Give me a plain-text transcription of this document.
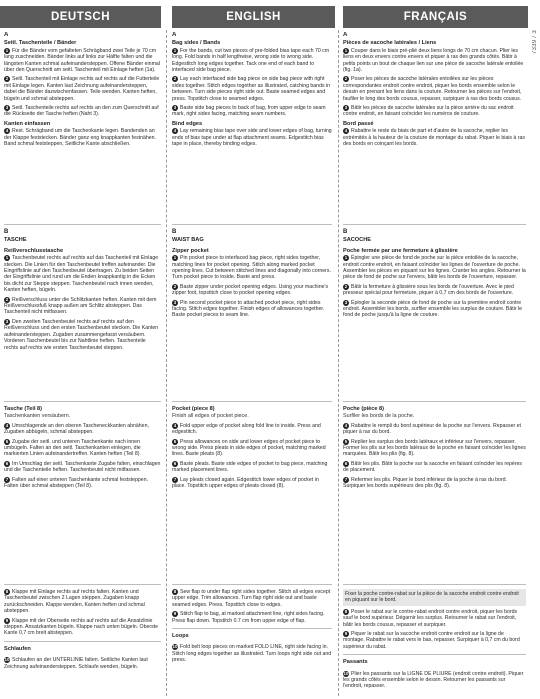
DEUTSCH	ENGLISH	FRANÇAIS
7339 / 3
A
Seitl. Taschenteile / Bänder
1 Für die Bänder vom gefalteten Schrägband zwei Teile je 70 cm lang zuschneiden. Bänder links auf links zur Hälfte falten und die längsten Kanten schmal aufeinandersteppen. Offene Bänder einmal über den Querschnitt am seitl. Taschenteil mit Einlage heften (1a).
2 Seitl. Taschenteil mit Einlage rechts auf rechts auf die Futterteile mit Einlage legen. Kanten laut Zeichnung aufeinandersteppen, dabei die Bänder dazwischenfassen. Teile wenden. Kanten heften, bügeln und schmal absteppen.
3 Seitl. Taschenteile rechts auf rechts an den zum Querschnitt auf die Rückseite der Tasche heften (Naht 3).
Kanten einfassen
4 Rest. Schrägband um die Taschenkante legen. Bandenden an der Klappe feststecken. Bänder ganz eng knappkanten festnähen. Band schmal feststeppen, Seitliche Kante abschließen.
B
TASCHE
Reißverschlusstasche
1 Taschenbeutel rechts auf rechts auf das Taschenteil mit Einlage stecken. Die Linien für den Taschenbeutel treffen aufeinander. Die Eingriffslinie auf den Taschenbeutel übertragen. Zu beiden Seiten der Eingriffslinie und rund um die Enden knappkantig in die Ecken bis dicht zur Steppe steppen. Taschenbeutel nach innen wenden, Kanten heften, bügeln.
2 Reißverschluss unter die Schlitzkanten heften. Kanten mit dem Reißverschlussfuß knapp außen am Schlitz absteppen. Das Taschenteil nicht mitfassen.
3 Den zweiten Taschenbeutel rechts auf rechts auf den Reißverschluss und den ersten Taschenbeutel stecken. Die Kanten aufeinandersteppen. Zugaben zusammengefasst versäubern. Vorderen Taschenbeutel bis zur Nahtlinie heften. Taschenteile rechts auf rechts wie ersten Taschenbeutel steppen.
Tasche (Teil 8)
Taschenkanten versäubern.
4 Umschlagende an den oberen Tascheneckkanten abnähen, Zugaben abbügeln, schmal absteppen.
5 Zugabe der seitl. und unteren Taschenkante nach innen umbügeln. Falten an den seitl. Taschenkanten einlegen, die markierten Linien aufeinandertreffen. Kanten heften (Teil 8).
6 Im Umschlag der seitl. Taschenkante Zugabe falten, einschlagen und die Taschenteile heften. Taschenbeutel nicht mitfassen.
7 Falten auf einer unteren Taschenkante schmal feststeppen. Falten über schmal absteppen (Teil 8).
8 Klappe mit Einlage rechts auf rechts falten. Kanten und Taschenbeutel zwischen 2 Lagen steppen. Zugaben knapp zurückschneiden. Klappe wenden, Kanten heften und schmal absteppen.
9 Klappe mit der Oberseite rechts auf rechts auf die Ansatzlinie steppen. Ansatzkanten bügeln. Klappe nach unten bügeln. Oberste Kante 0,7 cm breit absteppen.
Schlaufen
10 Schlaufen an der UNTERLINIE falten. Seitliche Kanten laut Zeichnung aufeinandersteppen. Schlaufe wenden, bügeln.
A
Bag sides / Bands
1 For the bands, cut two pieces of pre-folded bias tape each 70 cm long. Fold bands in half lengthwise, wrong side to wrong side. Edgestitch long edges together. Tack one end of each band to interfaced side bag piece.
2 Lay each interfaced side bag piece on side bag piece with right sides together. Stitch edges together as illustrated, catching bands in between. Turn side pieces right side out. Baste seamed edges and press. Topstitch close to seamed edges.
3 Baste side bag pieces to back of bag, from upper edge to seam mark, right sides facing, matching seam numbers.
Bind edges
4 Lay remaining bias tape over side and lower edges of bag, turning ends of bias tape under at flap attachment seams. Edgestitch bias tape in place, thereby binding edges.
B
WAIST BAG
Zipper pocket
1 Pin pocket piece to interfaced bag piece, right sides together, matching lines for pocket opening. Stitch along marked pocket opening lines. Cut between stitched lines and diagonally into corners. Turn pocket piece to inside. Baste and press.
2 Baste zipper under pocket opening edges. Using your machine's zipper foot, topstitch close to pocket opening edges.
3 Pin second pocket piece to attached pocket piece, right sides facing. Stitch edges together. Finish edges of allowances together. Baste pocket pieces to seam line.
Pocket (piece 8)
Finish all edges of pocket piece.
4 Fold upper edge of pocket along fold line to inside. Press and edgestitch.
5 Press allowances on side and lower edges of pocket piece to wrong side. Press pleats in side edges of pocket, matching marked lines. Baste pleats (8).
6 Baste pleats. Baste side edges of pocket to bag piece, matching marked placement lines.
7 Lay pleats closed again. Edgestitch lower edges of pocket in place. Topstitch upper edges of pleats closed (8).
8 Sew flap to under flap right sides together. Stitch all edges except upper edge. Trim allowances. Turn flap right side out and baste seamed edges. Press. Topstitch close to edges.
9 Stitch flap to bag, at marked attachment line, right sides facing. Press flap down. Topstitch 0.7 cm from upper edge of flap.
Loops
10 Fold belt loop pieces on marked FOLD LINE, right side facing in. Stitch long edges together as illustrated. Turn loops right side out and press.
A
Pièces de sacoche latérales / Liens
1 Couper dans le biais pré-plié deux liens longs de 70 cm chacun. Plier les liens en deux envers contre envers et piquer à ras des grands côtés. Bâtir à petits points un bout de chaque lien sur une pièce de sacoche latérale entoilée (fig. 1a).
2 Poser les pièces de sacoche latérales entoilées sur les pièces correspondantes endroit contre endroit, piquer les bords ensemble selon le dessin en prenant les liens dans la couture. Retourner les pièces sur l'endroit, faufiler le long des bords cousus, repasser, surpiquer à ras des bords cousus.
3 Bâtir les pièces de sacoche latérales sur la pièce arrière du sac endroit contre endroit, en faisant coïncider les numéros de couture.
Bord passé
4 Rabattre le reste du biais de part et d'autre de la sacoche, replier les extrémités à la hauteur de la couture de montage du rabat. Piquer le biais à ras des bords en coinçant les bords.
B
SACOCHE
Poche fermée par une fermeture à glissière
1 Épingler une pièce de fond de poche sur la pièce entoilée de la sacoche, endroit contre endroit, en faisant coïncider les lignes de l'ouverture de poche. Assembler les pièces en piquant sur les lignes. Cranter les angles. Retourner la pièce de fond de poche sur l'envers, bâtir les bords de l'ouverture, repasser.
2 Bâtir la fermeture à glissière sous les bords de l'ouverture. Avec le pied presseur spécial pour fermeture, piquer à 0,7 cm des bords de l'ouverture.
3 Épingler la seconde pièce de fond de poche sur la première endroit contre endroit. Assembler les bords, surfiler ensemble les surplus de couture. Bâtir le fond de poche jusqu'à la ligne de couture.
Poche (pièce 8)
Surfiler les bords de la poche.
4 Rabattre le rempli du bord supérieur de la poche sur l'envers. Repasser et piquer à ras du bord.
5 Replier les surplus des bords latéraux et inférieur sur l'envers, repasser. Former les plis sur les bords latéraux de la poche en faisant coïncider les lignes marquées. Bâtir les plis (fig. 8).
6 Bâtir les plis. Bâtir la poche sur la sacoche en faisant coïncider les repères de placement.
7 Refermer les plis. Piquer le bord inférieur de la poche à ras du bord. Surpiquer les bords supérieurs des plis (fig. 8).
Fixer la poche contre-rabat sur la pièce de la sacoche endroit contre endroit en piquant sur le bord.
8 Poser le rabat sur le contre-rabat endroit contre endroit, piquer les bords sauf le bord supérieur. Dégarnir les surplus. Retourner le rabat sur l'endroit, bâtir les bords cousus, repasser et surpiquer.
9 Piquer le rabat sur la sacoche endroit contre endroit sur la ligne de montage. Rabattre le rabat vers le bas, repasser. Surpiquer à 0,7 cm du bord supérieur du rabat.
Passants
10 Plier les passants sur la LIGNE DE PLIURE (endroit contre endroit). Piquer les grands côtés ensemble selon le dessin. Retourner les passants sur l'endroit, repasser.
